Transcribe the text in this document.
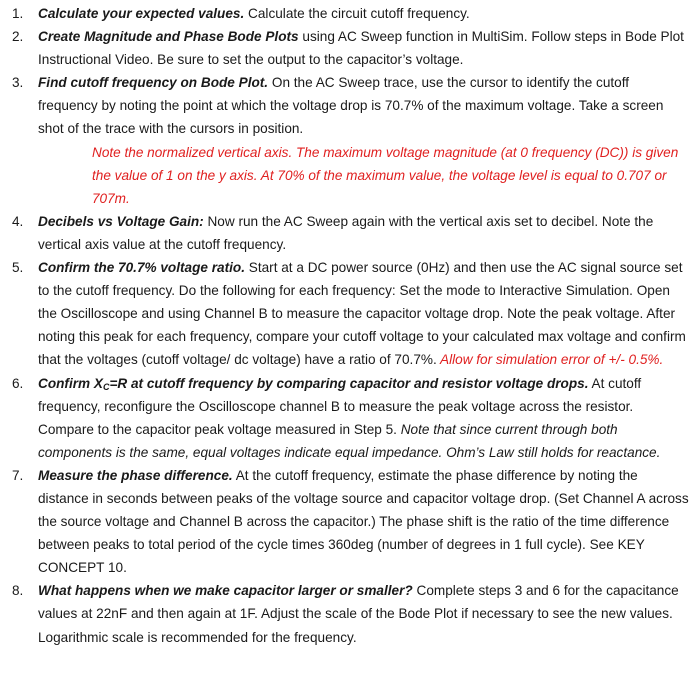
1.	Calculate your expected values. Calculate the circuit cutoff frequency.
2.	Create Magnitude and Phase Bode Plots using AC Sweep function in MultiSim. Follow steps in Bode Plot Instructional Video. Be sure to set the output to the capacitor’s voltage.
3.	Find cutoff frequency on Bode Plot. On the AC Sweep trace, use the cursor to identify the cutoff frequency by noting the point at which the voltage drop is 70.7% of the maximum voltage. Take a screen shot of the trace with the cursors in position.
Note the normalized vertical axis. The maximum voltage magnitude (at 0 frequency (DC)) is given the value of 1 on the y axis. At 70% of the maximum value, the voltage level is equal to 0.707 or 707m.
4.	Decibels vs Voltage Gain: Now run the AC Sweep again with the vertical axis set to decibel. Note the vertical axis value at the cutoff frequency.
5.	Confirm the 70.7% voltage ratio. Start at a DC power source (0Hz) and then use the AC signal source set to the cutoff frequency. Do the following for each frequency: Set the mode to Interactive Simulation. Open the Oscilloscope and using Channel B to measure the capacitor voltage drop. Note the peak voltage. After noting this peak for each frequency, compare your cutoff voltage to your calculated max voltage and confirm that the voltages (cutoff voltage/ dc voltage) have a ratio of 70.7%. Allow for simulation error of +/- 0.5%.
6.	Confirm $X_C=R$ at cutoff frequency by comparing capacitor and resistor voltage drops. At cutoff frequency, reconfigure the Oscilloscope channel B to measure the peak voltage across the resistor. Compare to the capacitor peak voltage measured in Step 5. Note that since current through both components is the same, equal voltages indicate equal impedance. Ohm’s Law still holds for reactance.
7.	Measure the phase difference. At the cutoff frequency, estimate the phase difference by noting the distance in seconds between peaks of the voltage source and capacitor voltage drop. (Set Channel A across the source voltage and Channel B across the capacitor.) The phase shift is the ratio of the time difference between peaks to total period of the cycle times 360deg (number of degrees in 1 full cycle). See KEY CONCEPT 10.
8.	What happens when we make capacitor larger or smaller? Complete steps 3 and 6 for the capacitance values at 22nF and then again at 1F. Adjust the scale of the Bode Plot if necessary to see the new values. Logarithmic scale is recommended for the frequency.
